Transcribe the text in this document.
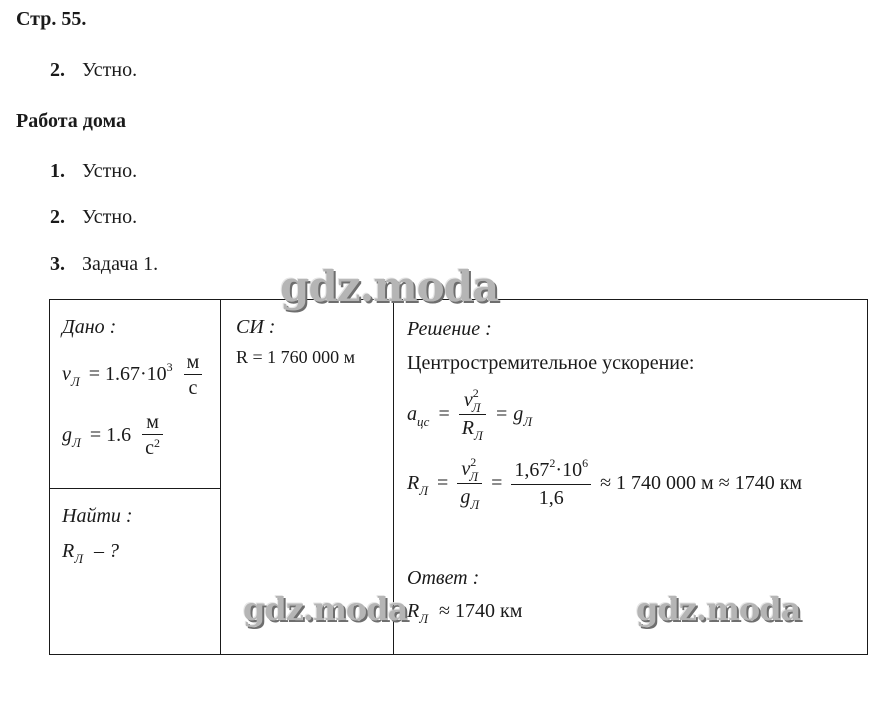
Стр. 55.
2. Устно.
Работа дома
1. Устно.
2. Устно.
3. Задача 1.
Дано :
$v_Л = 1.67\cdot 10^3 \frac{м}{с}$
$g_Л = 1.6 \frac{м}{с^2}$
Найти :
$R_Л$ – ?
СИ :
R = 1 760 000 м
Решение :
Центростремительное ускорение:
$a_{цс} = \frac{v^2_Л}{R_Л} = g_Л$
$R_Л = \frac{v^2_Л}{g_Л} = \frac{1,67^2\cdot 10^6}{1,6} \approx 1$ 740 000 м ≈ 1740 км
Ответ :
$R_Л \approx 1740$ км
gdz.moda
gdz.moda	gdz.moda
